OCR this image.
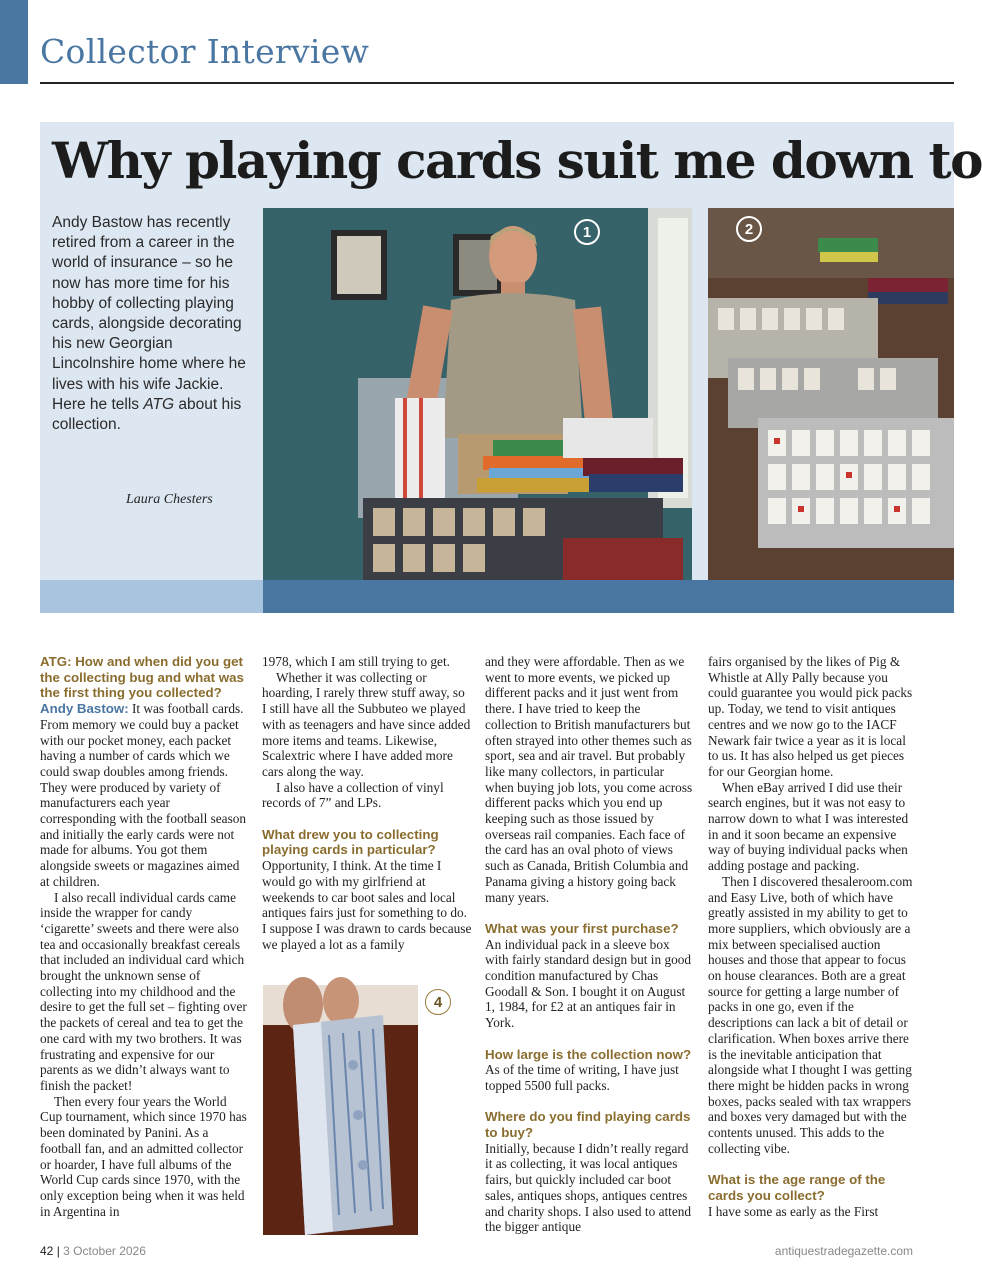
Collector Interview
Why playing cards suit me down to

Andy Bastow has recently retired from a career in the world of insurance – so he now has more time for his hobby of collecting playing cards, alongside decorating his new Georgian Lincolnshire home where he lives with his wife Jackie. Here he tells ATG about his collection.

Laura Chesters

1	2

Andy Bastow

ATG: How and when did you get the collecting bug and what was the first thing you collected?

Andy Bastow: It was football cards. From memory we could buy a packet with our pocket money, each packet having a number of cards which we could swap doubles among friends. They were produced by variety of manufacturers each year corresponding with the football season and initially the early cards were not made for albums. You got them alongside sweets or magazines aimed at children.

I also recall individual cards came inside the wrapper for candy ‘cigarette’ sweets and there were also tea and occasionally breakfast cereals that included an individual card which brought the unknown sense of collecting into my childhood and the desire to get the full set – fighting over the packets of cereal and tea to get the one card with my two brothers. It was frustrating and expensive for our parents as we didn’t always want to finish the packet!

Then every four years the World Cup tournament, which since 1970 has been dominated by Panini. As a football fan, and an admitted collector or hoarder, I have full albums of the World Cup cards since 1970, with the only exception being when it was held in Argentina in

1978, which I am still trying to get.

Whether it was collecting or hoarding, I rarely threw stuff away, so I still have all the Subbuteo we played with as teenagers and have since added more items and teams. Likewise, Scalextric where I have added more cars along the way.

I also have a collection of vinyl records of 7” and LPs.

What drew you to collecting playing cards in particular?

Opportunity, I think. At the time I would go with my girlfriend at weekends to car boot sales and local antiques fairs just for something to do. I suppose I was drawn to cards because we played a lot as a family

4

and they were affordable. Then as we went to more events, we picked up different packs and it just went from there. I have tried to keep the collection to British manufacturers but often strayed into other themes such as sport, sea and air travel. But probably like many collectors, in particular when buying job lots, you come across different packs which you end up keeping such as those issued by overseas rail companies. Each face of the card has an oval photo of views such as Canada, British Columbia and Panama giving a history going back many years.

What was your first purchase?

An individual pack in a sleeve box with fairly standard design but in good condition manufactured by Chas Goodall & Son. I bought it on August 1, 1984, for £2 at an antiques fair in York.

How large is the collection now?

As of the time of writing, I have just topped 5500 full packs.

Where do you find playing cards to buy?

Initially, because I didn’t really regard it as collecting, it was local antiques fairs, but quickly included car boot sales, antiques shops, antiques centres and charity shops. I also used to attend the bigger antique

fairs organised by the likes of Pig & Whistle at Ally Pally because you could guarantee you would pick packs up. Today, we tend to visit antiques centres and we now go to the IACF Newark fair twice a year as it is local to us. It has also helped us get pieces for our Georgian home.

When eBay arrived I did use their search engines, but it was not easy to narrow down to what I was interested in and it soon became an expensive way of buying individual packs when adding postage and packing.

Then I discovered thesaleroom.com and Easy Live, both of which have greatly assisted in my ability to get to more suppliers, which obviously are a mix between specialised auction houses and those that appear to focus on house clearances. Both are a great source for getting a large number of packs in one go, even if the descriptions can lack a bit of detail or clarification. When boxes arrive there is the inevitable anticipation that alongside what I thought I was getting there might be hidden packs in wrong boxes, packs sealed with tax wrappers and boxes very damaged but with the contents unused. This adds to the collecting vibe.

What is the age range of the cards you collect?

I have some as early as the First

42 | 3 October 2026	antiquestradegazette.com
